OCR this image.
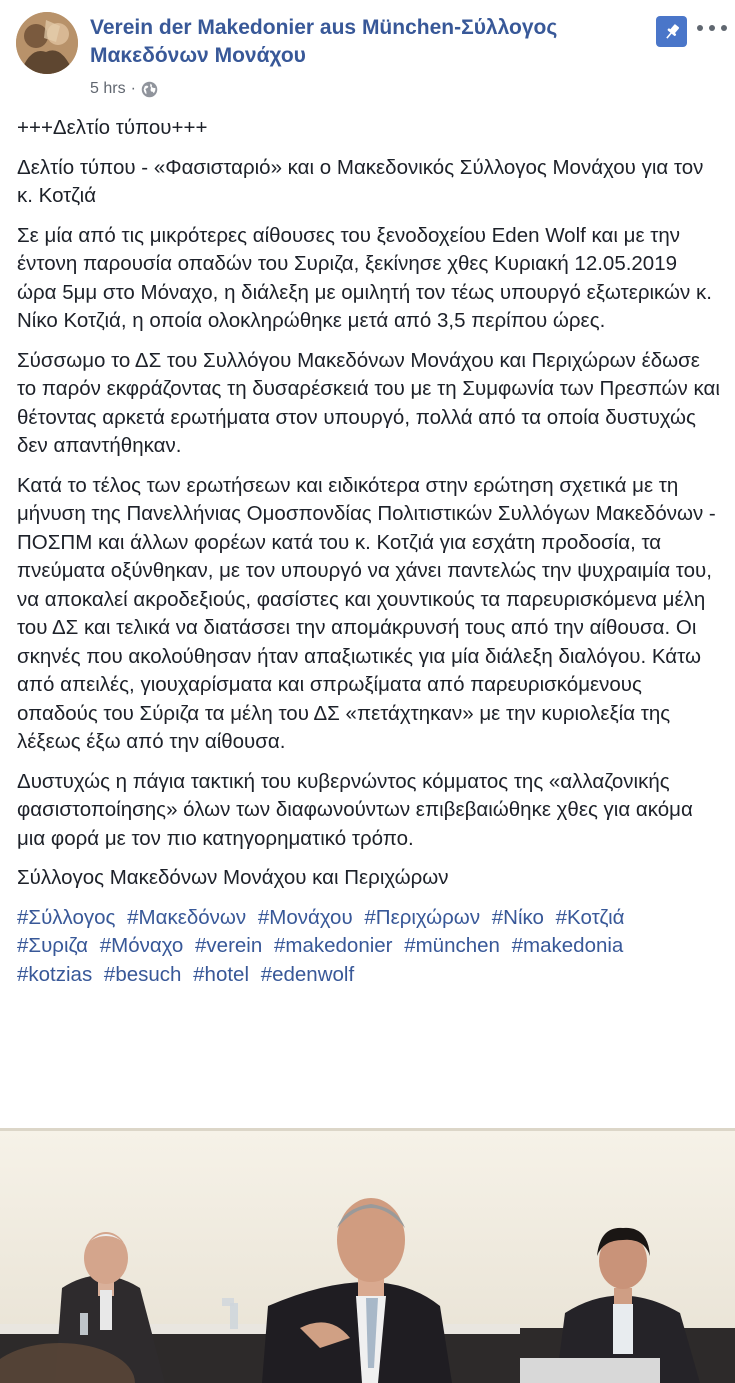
Verein der Makedonier aus München-Σύλλογος Μακεδόνων Μονάχου
5 hrs ·

+++Δελτίο τύπου+++

Δελτίο τύπου - «Φασισταριό» και ο Μακεδονικός Σύλλογος Μονάχου για τον κ. Κοτζιά

Σε μία από τις μικρότερες αίθουσες του ξενοδοχείου Eden Wolf και με την έντονη παρουσία οπαδών του Συριζα, ξεκίνησε χθες Κυριακή 12.05.2019 ώρα 5μμ στο Μόναχο, η διάλεξη με ομιλητή τον τέως υπουργό εξωτερικών κ. Νίκο Κοτζιά, η οποία ολοκληρώθηκε μετά από 3,5 περίπου ώρες.

Σύσσωμο το ΔΣ του Συλλόγου Μακεδόνων Μονάχου και Περιχώρων έδωσε το παρόν εκφράζοντας τη δυσαρέσκειά του με τη Συμφωνία των Πρεσπών και θέτοντας αρκετά ερωτήματα στον υπουργό, πολλά από τα οποία δυστυχώς δεν απαντήθηκαν.

Κατά το τέλος των ερωτήσεων και ειδικότερα στην ερώτηση σχετικά με τη μήνυση της Πανελλήνιας Ομοσπονδίας Πολιτιστικών Συλλόγων Μακεδόνων - ΠΟΣΠΜ και άλλων φορέων κατά του κ. Κοτζιά για εσχάτη προδοσία, τα πνεύματα οξύνθηκαν, με τον υπουργό να χάνει παντελώς την ψυχραιμία του, να αποκαλεί ακροδεξιούς, φασίστες και χουντικούς τα παρευρισκόμενα μέλη του ΔΣ και τελικά να διατάσσει την απομάκρυνσή τους από την αίθουσα. Οι σκηνές που ακολούθησαν ήταν απαξιωτικές για μία διάλεξη διαλόγου. Κάτω από απειλές, γιουχαρίσματα και σπρωξίματα από παρευρισκόμενους οπαδούς του Σύριζα τα μέλη του ΔΣ «πετάχτηκαν» με την κυριολεξία της λέξεως έξω από την αίθουσα.

Δυστυχώς η πάγια τακτική του κυβερνώντος κόμματος της «αλλαζονικής φασιστοποίησης» όλων των διαφωνούντων επιβεβαιώθηκε χθες για ακόμα μια φορά με τον πιο κατηγορηματικό τρόπο.

Σύλλογος Μακεδόνων Μονάχου και Περιχώρων

#Σύλλογος #Μακεδόνων #Μονάχου #Περιχώρων #Νίκο #Κοτζιά
#Συριζα #Μόναχο #verein #makedonier #münchen #makedonia
#kotzias #besuch #hotel #edenwolf
